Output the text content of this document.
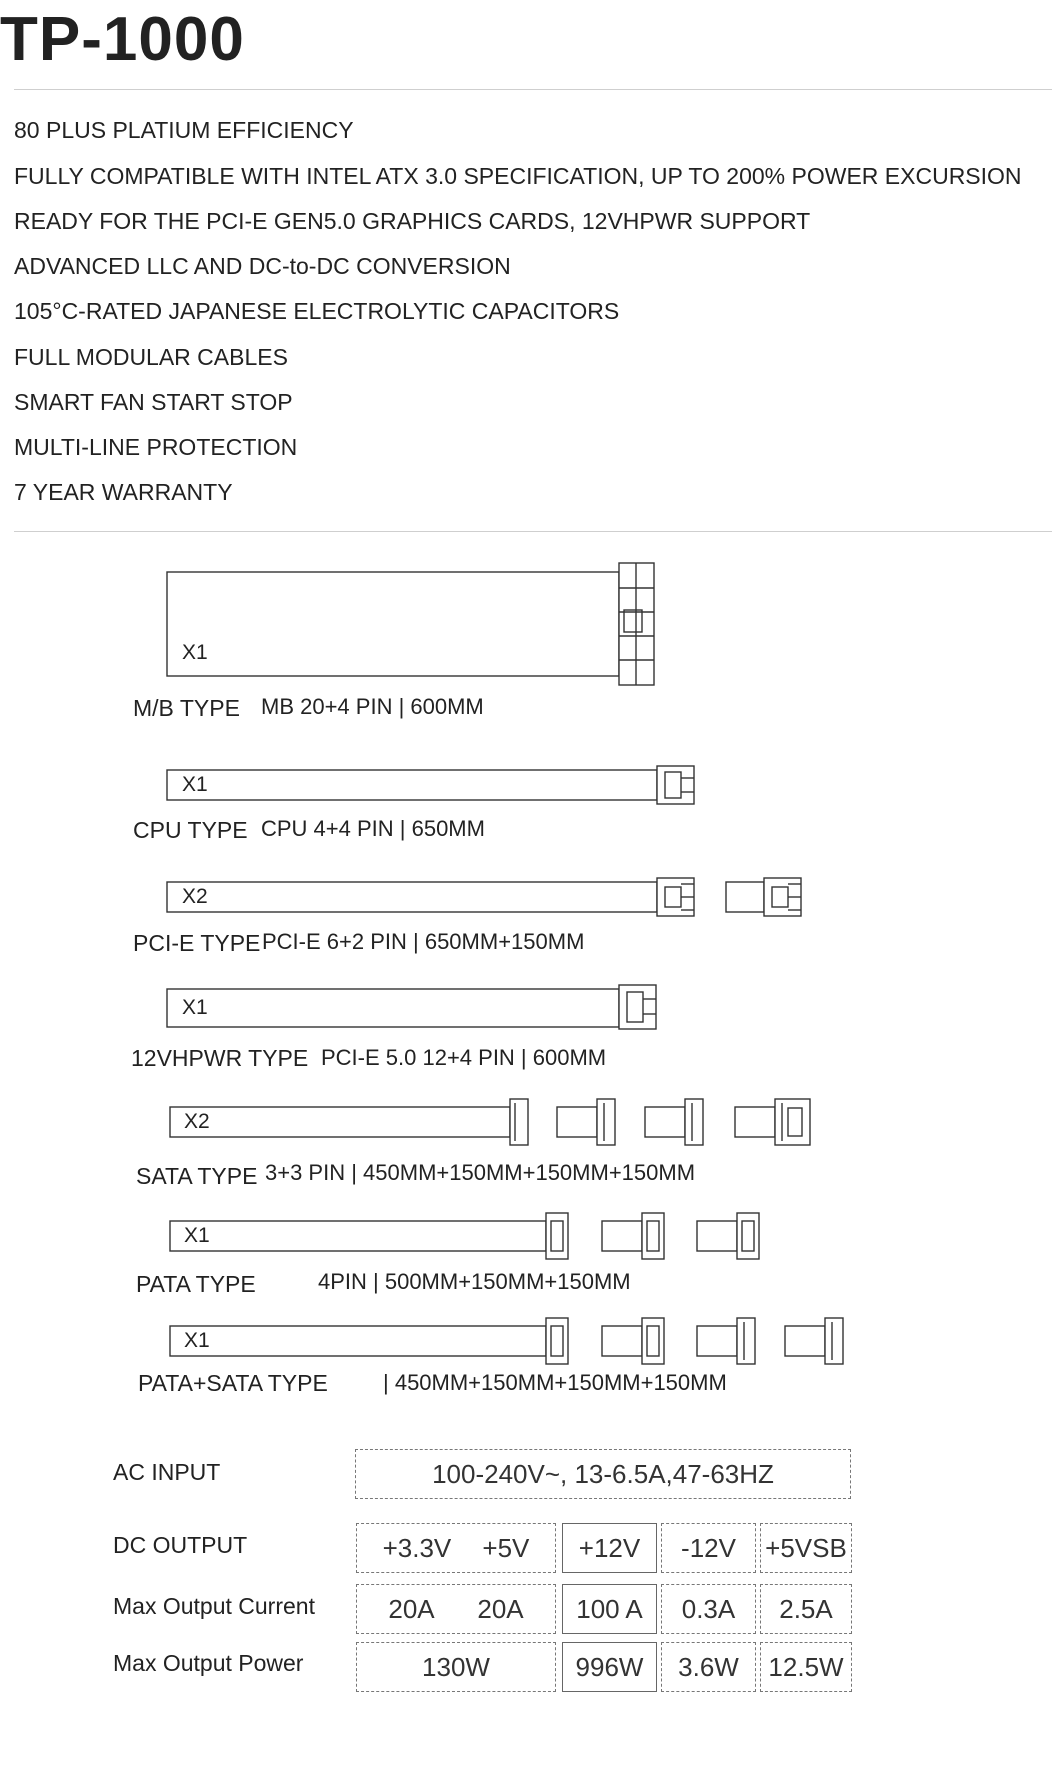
TP-1000
80 PLUS PLATIUM EFFICIENCY
FULLY COMPATIBLE WITH INTEL ATX 3.0 SPECIFICATION, UP TO 200% POWER EXCURSION
READY FOR THE PCI-E GEN5.0 GRAPHICS CARDS, 12VHPWR SUPPORT
ADVANCED LLC AND DC-to-DC CONVERSION
105°C-RATED JAPANESE ELECTROLYTIC CAPACITORS
FULL MODULAR CABLES
SMART FAN START STOP
MULTI-LINE PROTECTION
7 YEAR WARRANTY
X1
X1
X2
X1
X2
X1
X1
M/B TYPE MB 20+4 PIN | 600MM
CPU TYPE CPU 4+4 PIN | 650MM
PCI-E TYPE PCI-E 6+2 PIN | 650MM+150MM
12VHPWR TYPE PCI-E 5.0 12+4 PIN | 600MM
SATA TYPE 3+3 PIN | 450MM+150MM+150MM+150MM
PATA TYPE	4PIN | 500MM+150MM+150MM
PATA+SATA TYPE	| 450MM+150MM+150MM+150MM
AC INPUT	100-240V~, 13-6.5A,47-63HZ
DC OUTPUT	+3.3V +5V	+12V	-12V	+5VSB
Max Output Current	20A 20A	100 A	0.3A	2.5A
Max Output Power	130W	996W	3.6W	12.5W
